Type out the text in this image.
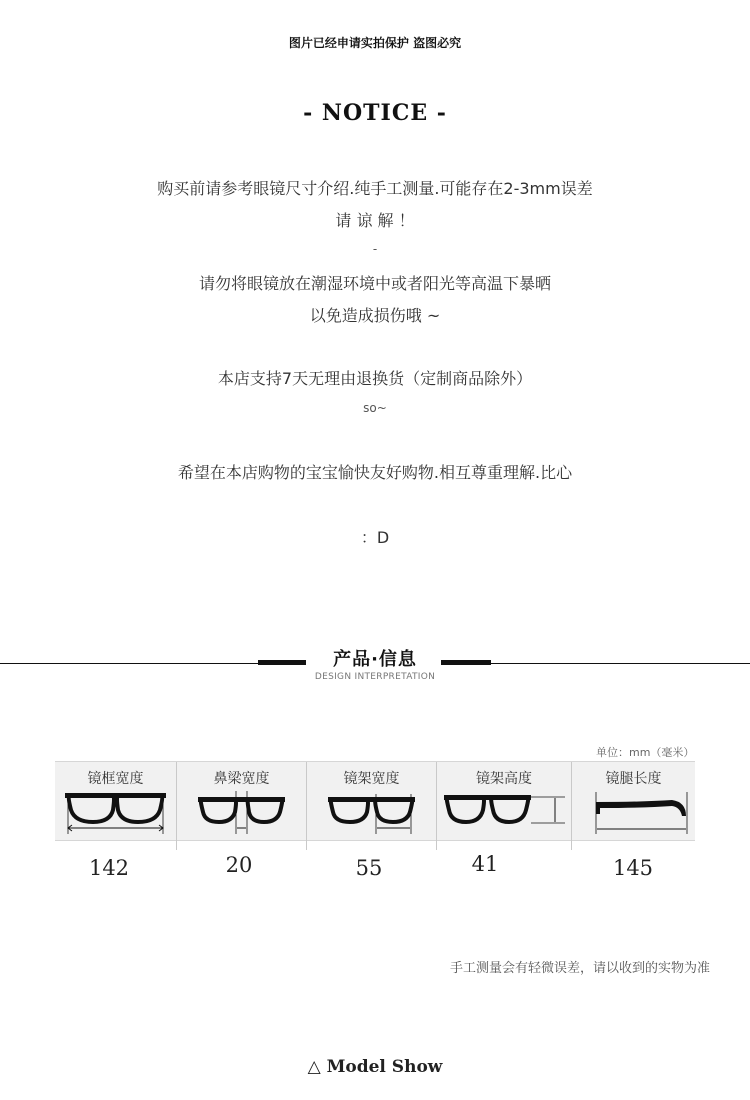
图片已经申请实拍保护 盗图必究
- NOTICE -
购买前请参考眼镜尺寸介绍.纯手工测量.可能存在2-3mm误差
请 谅 解 ！
-
请勿将眼镜放在潮湿环境中或者阳光等高温下暴晒
以免造成损伤哦 ~
本店支持7天无理由退换货（定制商品除外）
so~
希望在本店购物的宝宝愉快友好购物.相互尊重理解.比心
：D
产品·信息
DESIGN INTERPRETATION
单位：mm（毫米）
镜框宽度	鼻梁宽度	镜架宽度	镜架高度	镜腿长度
142	20	55	41	145
手工测量会有轻微误差，请以收到的实物为准
△ Model Show
